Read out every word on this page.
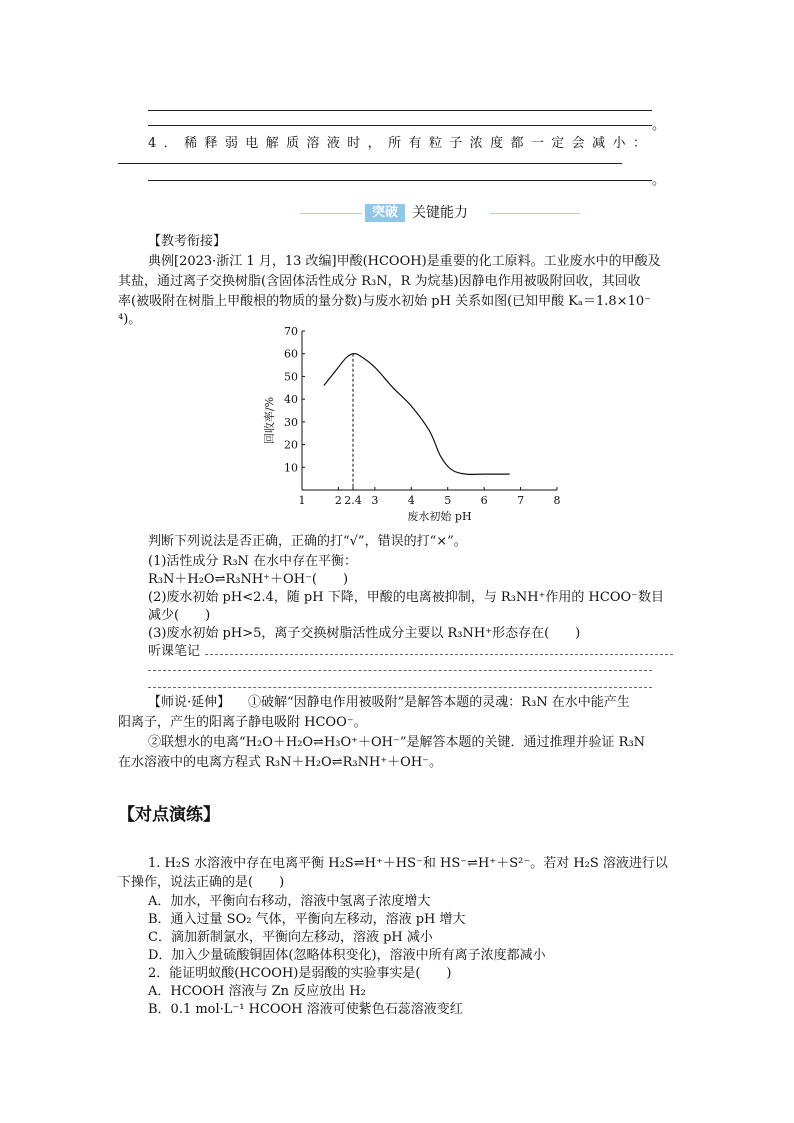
。
4．稀释弱电解质溶液时，所有粒子浓度都一定会减小：
。
突破	关键能力
【教考衔接】
典例[2023·浙江 1 月，13 改编]甲酸(HCOOH)是重要的化工原料。工业废水中的甲酸及
其盐，通过离子交换树脂(含固体活性成分 R₃N，R 为烷基)因静电作用被吸附回收，其回收
率(被吸附在树脂上甲酸根的物质的量分数)与废水初始 pH 关系如图(已知甲酸 Kₐ＝1.8×10⁻
⁴)。
1	2 2.4 3	4	5	6	7	8
10
20
30
40
50
60
70
废水初始 pH
回收率/%
判断下列说法是否正确，正确的打“√”，错误的打“×”。
(1)活性成分 R₃N 在水中存在平衡：
R₃N＋H₂O⇌R₃NH⁺＋OH⁻(　　)
(2)废水初始 pH<2.4，随 pH 下降，甲酸的电离被抑制，与 R₃NH⁺作用的 HCOO⁻数目
减少(　　)
(3)废水初始 pH>5，离子交换树脂活性成分主要以 R₃NH⁺形态存在(　　)
听课笔记
【师说·延伸】 ①破解“因静电作用被吸附”是解答本题的灵魂：R₃N 在水中能产生
阳离子，产生的阳离子静电吸附 HCOO⁻。
②联想水的电离“H₂O＋H₂O⇌H₃O⁺＋OH⁻”是解答本题的关键．通过推理并验证 R₃N
在水溶液中的电离方程式 R₃N＋H₂O⇌R₃NH⁺＋OH⁻。
【对点演练】
1. H₂S 水溶液中存在电离平衡 H₂S⇌H⁺＋HS⁻和 HS⁻⇌H⁺＋S²⁻。若对 H₂S 溶液进行以
下操作，说法正确的是(　　)
A．加水，平衡向右移动，溶液中氢离子浓度增大
B．通入过量 SO₂ 气体，平衡向左移动，溶液 pH 增大
C．滴加新制氯水，平衡向左移动，溶液 pH 减小
D．加入少量硫酸铜固体(忽略体积变化)，溶液中所有离子浓度都减小
2．能证明蚁酸(HCOOH)是弱酸的实验事实是(　　)
A．HCOOH 溶液与 Zn 反应放出 H₂
B．0.1 mol·L⁻¹ HCOOH 溶液可使紫色石蕊溶液变红
